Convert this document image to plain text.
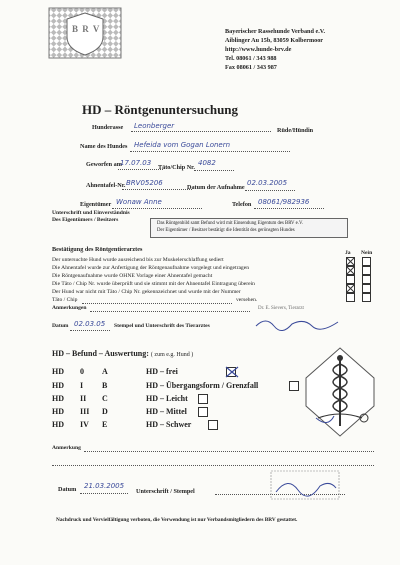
B R V	Bayerischer Rassehunde Verband e.V.
Aiblinger Au 15b, 83059 Kolbermoor
http://www.hunde-brv.de
Tel. 08061 / 343 988
Fax 08061 / 343 987
HD – Röntgenuntersuchung
Hunderasse Leonberger
Rüde/Hündin
Name des Hundes Hefeida vom Gogan Lonern
Geworfen am
17.07.03
Täto/Chip Nr.
4082
Ahnentafel-Nr. BRV05206
Datum der Aufnahme
02.03.2005
Eigentümer Wonaw Anne	Telefon 08061/982936
Unterschrift und Einverständnis
Des Eigentümers / Besitzers
Das Röntgenbild samt Befund wird mit Einsendung Eigentum des BRV e.V.
Der Eigentümer / Besitzer bestätigt die Identität des gerönsgten Hundes
Bestätigung des Röntgentierarztes	Ja Nein
Der untersuchte Hund wurde ausreichend bis zur Muskelerschlaffung sediert
Die Ahnentafel wurde zur Anfertigung der Röntgenaufnahme vorgelegt und eingetragen
Die Röntgenaufnahme wurde OHNE Vorlage einer Ahnentafel gemacht
Die Täto / Chip Nr. wurde überprüft und sie stimmt mit der Ahnentafel Eintragung überein
Der Hund war nicht mit Täto / Chip Nr. gekennzeichnet und wurde mit der Nummer
Täto / Chip	versehen.
Anmerkungen	Dr. E. Sievers, Tierarzt
Datum 02.03.05 Stempel und Unterschrift des Tierarztes
HD – Befund – Auswertung: ( zum e.g. Hund )
HD 0 A	HD – frei
HD I B	HD – Übergangsform / Grenzfall
HD II C	HD – Leicht
HD III D	HD – Mittel
HD IV E	HD – Schwer
Anmerkung
Datum 21.03.2005
Unterschrift / Stempel
Nachdruck und Vervielfältigung verboten, die Verwendung ist nur Verbandsmitgliedern des BRV gestattet.
